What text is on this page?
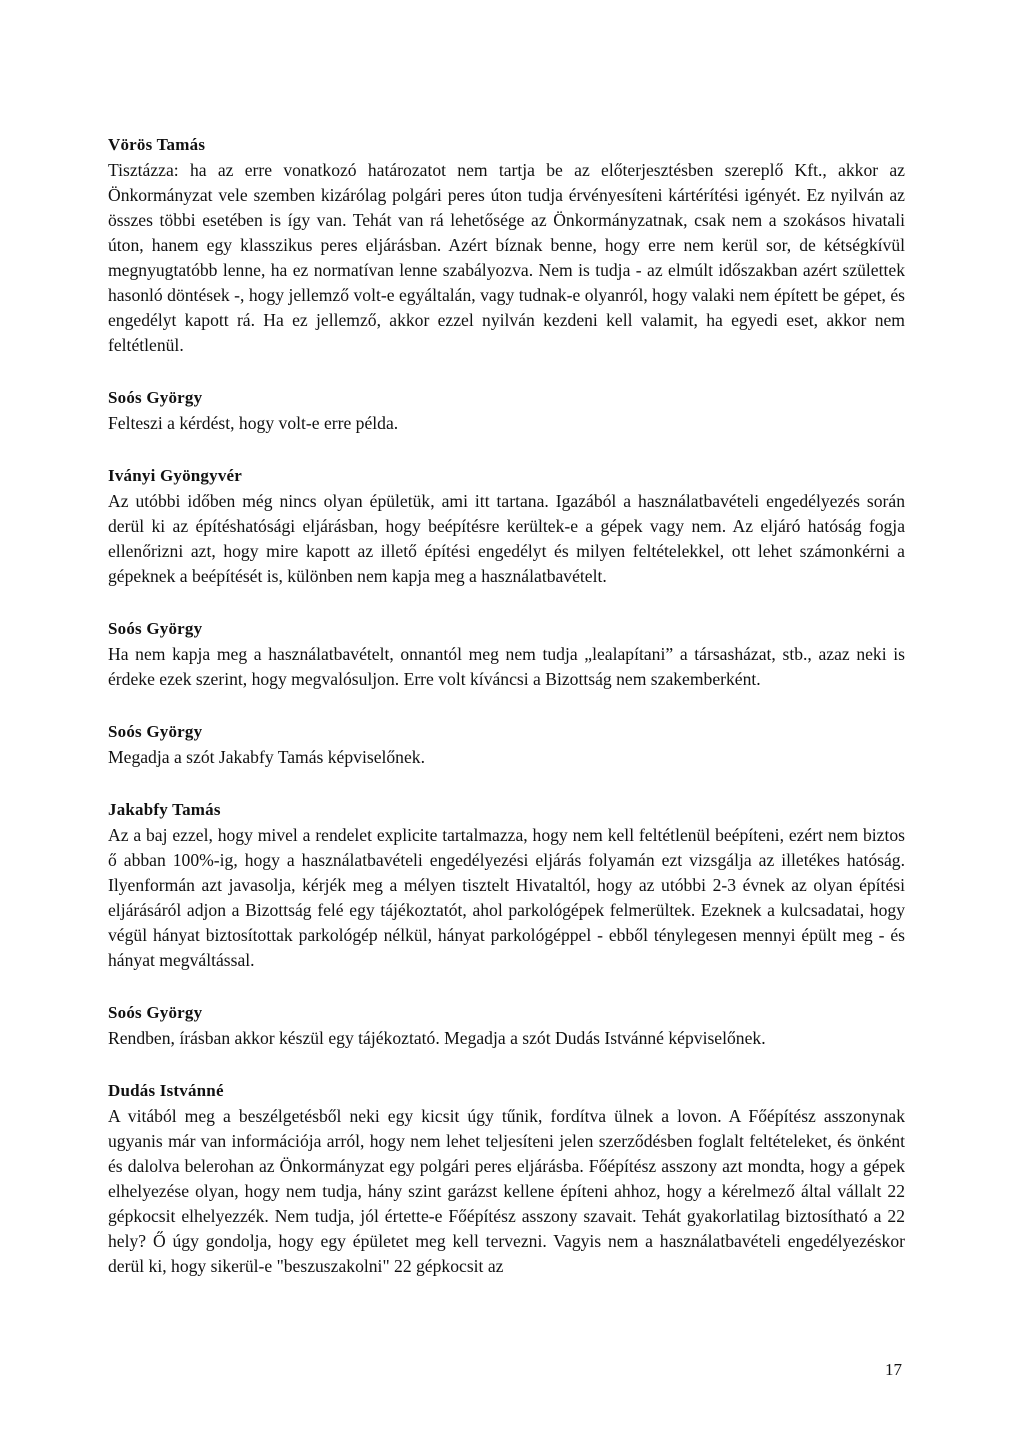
Vörös Tamás

Tisztázza: ha az erre vonatkozó határozatot nem tartja be az előterjesztésben szereplő Kft., akkor az Önkormányzat vele szemben kizárólag polgári peres úton tudja érvényesíteni kártérítési igényét. Ez nyilván az összes többi esetében is így van. Tehát van rá lehetősége az Önkormányzatnak, csak nem a szokásos hivatali úton, hanem egy klasszikus peres eljárásban. Azért bíznak benne, hogy erre nem kerül sor, de kétségkívül megnyugtatóbb lenne, ha ez normatívan lenne szabályozva. Nem is tudja - az elmúlt időszakban azért születtek hasonló döntések -, hogy jellemző volt-e egyáltalán, vagy tudnak-e olyanról, hogy valaki nem épített be gépet, és engedélyt kapott rá. Ha ez jellemző, akkor ezzel nyilván kezdeni kell valamit, ha egyedi eset, akkor nem feltétlenül.

Soós György

Felteszi a kérdést, hogy volt-e erre példa.

Iványi Gyöngyvér

Az utóbbi időben még nincs olyan épületük, ami itt tartana. Igazából a használatbavételi engedélyezés során derül ki az építéshatósági eljárásban, hogy beépítésre kerültek-e a gépek vagy nem. Az eljáró hatóság fogja ellenőrizni azt, hogy mire kapott az illető építési engedélyt és milyen feltételekkel, ott lehet számonkérni a gépeknek a beépítését is, különben nem kapja meg a használatbavételt.

Soós György

Ha nem kapja meg a használatbavételt, onnantól meg nem tudja „lealapítani” a társasházat, stb., azaz neki is érdeke ezek szerint, hogy megvalósuljon. Erre volt kíváncsi a Bizottság nem szakemberként.

Soós György

Megadja a szót Jakabfy Tamás képviselőnek.

Jakabfy Tamás

Az a baj ezzel, hogy mivel a rendelet explicite tartalmazza, hogy nem kell feltétlenül beépíteni, ezért nem biztos ő abban 100%-ig, hogy a használatbavételi engedélyezési eljárás folyamán ezt vizsgálja az illetékes hatóság. Ilyenformán azt javasolja, kérjék meg a mélyen tisztelt Hivataltól, hogy az utóbbi 2-3 évnek az olyan építési eljárásáról adjon a Bizottság felé egy tájékoztatót, ahol parkológépek felmerültek. Ezeknek a kulcsadatai, hogy végül hányat biztosítottak parkológép nélkül, hányat parkológéppel - ebből ténylegesen mennyi épült meg - és hányat megváltással.

Soós György

Rendben, írásban akkor készül egy tájékoztató. Megadja a szót Dudás Istvánné képviselőnek.

Dudás Istvánné

A vitából meg a beszélgetésből neki egy kicsit úgy tűnik, fordítva ülnek a lovon. A Főépítész asszonynak ugyanis már van információja arról, hogy nem lehet teljesíteni jelen szerződésben foglalt feltételeket, és önként és dalolva belerohan az Önkormányzat egy polgári peres eljárásba. Főépítész asszony azt mondta, hogy a gépek elhelyezése olyan, hogy nem tudja, hány szint garázst kellene építeni ahhoz, hogy a kérelmező által vállalt 22 gépkocsit elhelyezzék. Nem tudja, jól értette-e Főépítész asszony szavait. Tehát gyakorlatilag biztosítható a 22 hely? Ő úgy gondolja, hogy egy épületet meg kell tervezni. Vagyis nem a használatbavételi engedélyezéskor derül ki, hogy sikerül-e "beszuszakolni" 22 gépkocsit az

17
